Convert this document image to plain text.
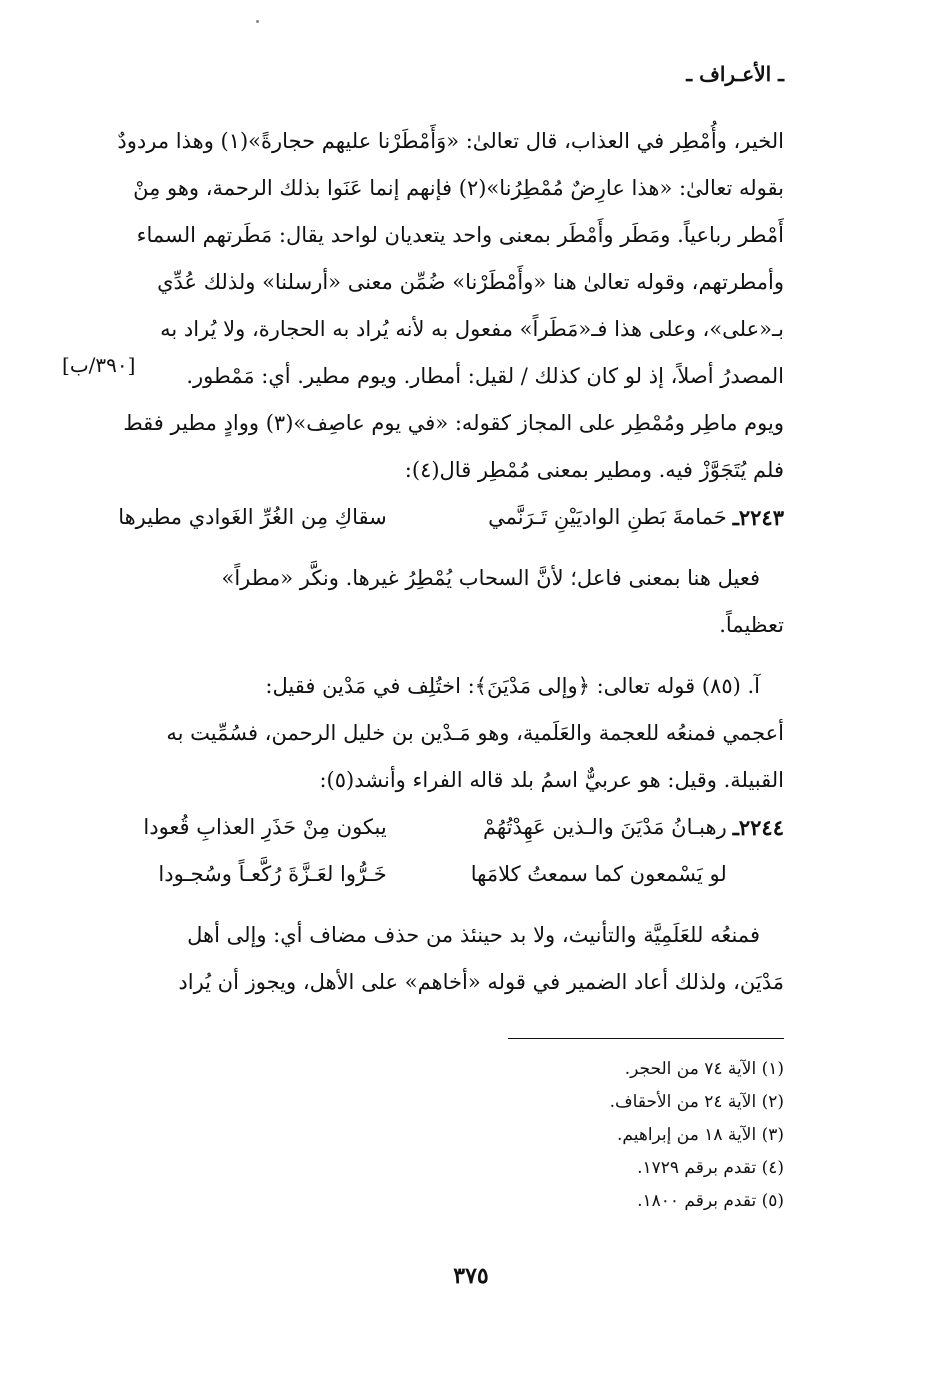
ـ الأعـراف ـ
[٣٩٠/ب]
الخير، وأُمْطِر في العذاب، قال تعالىٰ: «وَأَمْطَرْنا عليهم حجارةً»(١) وهذا مردودٌ
بقوله تعالىٰ: «هذا عارِضٌ مُمْطِرُنا»(٢) فإنهم إنما عَنَوا بذلك الرحمة، وهو مِنْ
أَمْطر رباعياً. ومَطَر وأَمْطَر بمعنى واحد يتعديان لواحد يقال: مَطَرتهم السماء
وأمطرتهم، وقوله تعالىٰ هنا «وأَمْطَرْنا» ضُمِّن معنى «أرسلنا» ولذلك عُدِّي
بـ«على»، وعلى هذا فـ«مَطَراً» مفعول به لأنه يُراد به الحجارة، ولا يُراد به
المصدرُ أصلاً، إذ لو كان كذلك / لقيل: أمطار. ويوم مطير. أي: مَمْطور.
ويوم ماطِر ومُمْطِر على المجاز كقوله: «في يوم عاصِف»(٣) ووادٍ مطير فقط
فلم يُتَجَوَّزْ فيه. ومطير بمعنى مُمْطِر قال(٤):
٢٢٤٣ـ
حَمامةَ بَطنِ الواديَيْنِ تَـرَنَّمي
سقاكِ مِن الغُرِّ الغَوادي مطيرها
فعيل هنا بمعنى فاعل؛ لأنَّ السحاب يُمْطِرُ غيرها. ونكَّر «مطراً»
تعظيماً.
آ. (٨٥) قوله تعالى: ﴿وإلى مَدْيَنَ﴾: اختُلِف في مَدْين فقيل:
أعجمي فمنعُه للعجمة والعَلَمية، وهو مَـدْين بن خليل الرحمن، فسُمِّيت به
القبيلة. وقيل: هو عربيٌّ اسمُ بلد قاله الفراء وأنشد(٥):
٢٢٤٤ـ
رهبـانُ مَدْيَنَ والـذين عَهِدْتُهُمْ
يبكون مِنْ حَذَرِ العذابِ قُعودا
لو يَسْمعون كما سمعتُ كلامَها
خَـرُّوا لعَـزَّةَ رُكَّعـاً وسُجـودا
فمنعُه للعَلَمِيَّة والتأنيث، ولا بد حينئذ من حذف مضاف أي: وإلى أهل
مَدْيَن، ولذلك أعاد الضمير في قوله «أخاهم» على الأهل، ويجوز أن يُراد
(١) الآية ٧٤ من الحجر.
(٢) الآية ٢٤ من الأحقاف.
(٣) الآية ١٨ من إبراهيم.
(٤) تقدم برقم ١٧٢٩.
(٥) تقدم برقم ١٨٠٠.
٣٧٥
